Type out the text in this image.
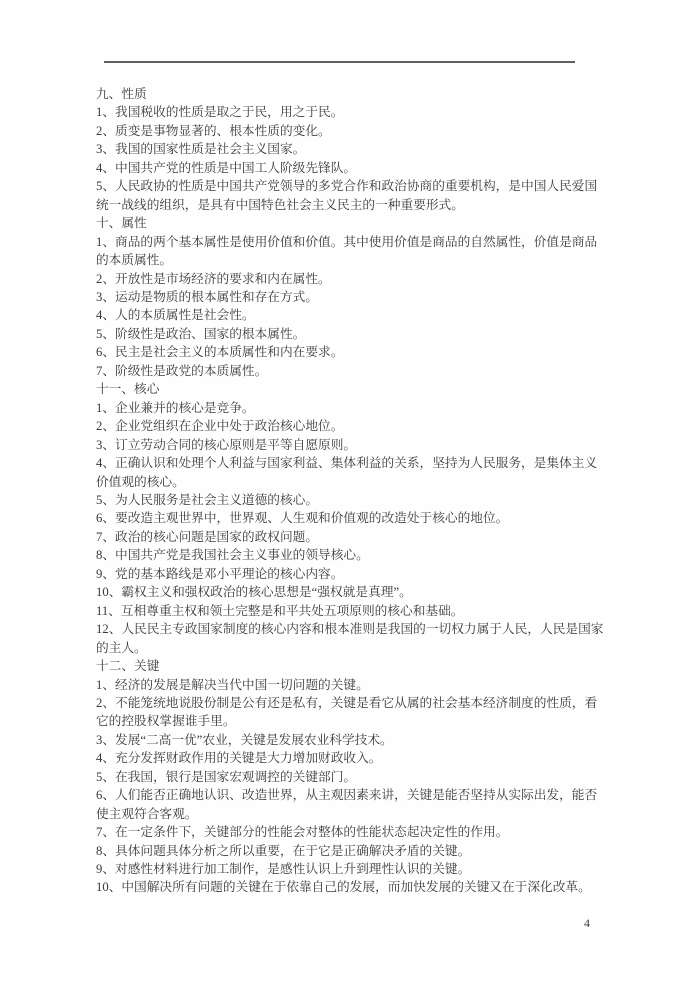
九、性质
1、我国税收的性质是取之于民，用之于民。
2、质变是事物显著的、根本性质的变化。
3、我国的国家性质是社会主义国家。
4、中国共产党的性质是中国工人阶级先锋队。
5、人民政协的性质是中国共产党领导的多党合作和政治协商的重要机构，是中国人民爱国统一战线的组织，是具有中国特色社会主义民主的一种重要形式。
十、属性
1、商品的两个基本属性是使用价值和价值。其中使用价值是商品的自然属性，价值是商品的本质属性。
2、开放性是市场经济的要求和内在属性。
3、运动是物质的根本属性和存在方式。
4、人的本质属性是社会性。
5、阶级性是政治、国家的根本属性。
6、民主是社会主义的本质属性和内在要求。
7、阶级性是政党的本质属性。
十一、核心
1、企业兼并的核心是竞争。
2、企业党组织在企业中处于政治核心地位。
3、订立劳动合同的核心原则是平等自愿原则。
4、正确认识和处理个人利益与国家利益、集体利益的关系，坚持为人民服务，是集体主义价值观的核心。
5、为人民服务是社会主义道德的核心。
6、要改造主观世界中，世界观、人生观和价值观的改造处于核心的地位。
7、政治的核心问题是国家的政权问题。
8、中国共产党是我国社会主义事业的领导核心。
9、党的基本路线是邓小平理论的核心内容。
10、霸权主义和强权政治的核心思想是“强权就是真理”。
11、互相尊重主权和领土完整是和平共处五项原则的核心和基础。
12、人民民主专政国家制度的核心内容和根本准则是我国的一切权力属于人民，人民是国家的主人。
十二、关键
1、经济的发展是解决当代中国一切问题的关键。
2、不能笼统地说股份制是公有还是私有，关键是看它从属的社会基本经济制度的性质，看它的控股权掌握谁手里。
3、发展“二高一优”农业，关键是发展农业科学技术。
4、充分发挥财政作用的关键是大力增加财政收入。
5、在我国，银行是国家宏观调控的关键部门。
6、人们能否正确地认识、改造世界，从主观因素来讲，关键是能否坚持从实际出发，能否使主观符合客观。
7、在一定条件下，关键部分的性能会对整体的性能状态起决定性的作用。
8、具体问题具体分析之所以重要，在于它是正确解决矛盾的关键。
9、对感性材料进行加工制作，是感性认识上升到理性认识的关键。
10、中国解决所有问题的关键在于依靠自己的发展，而加快发展的关键又在于深化改革。
4
